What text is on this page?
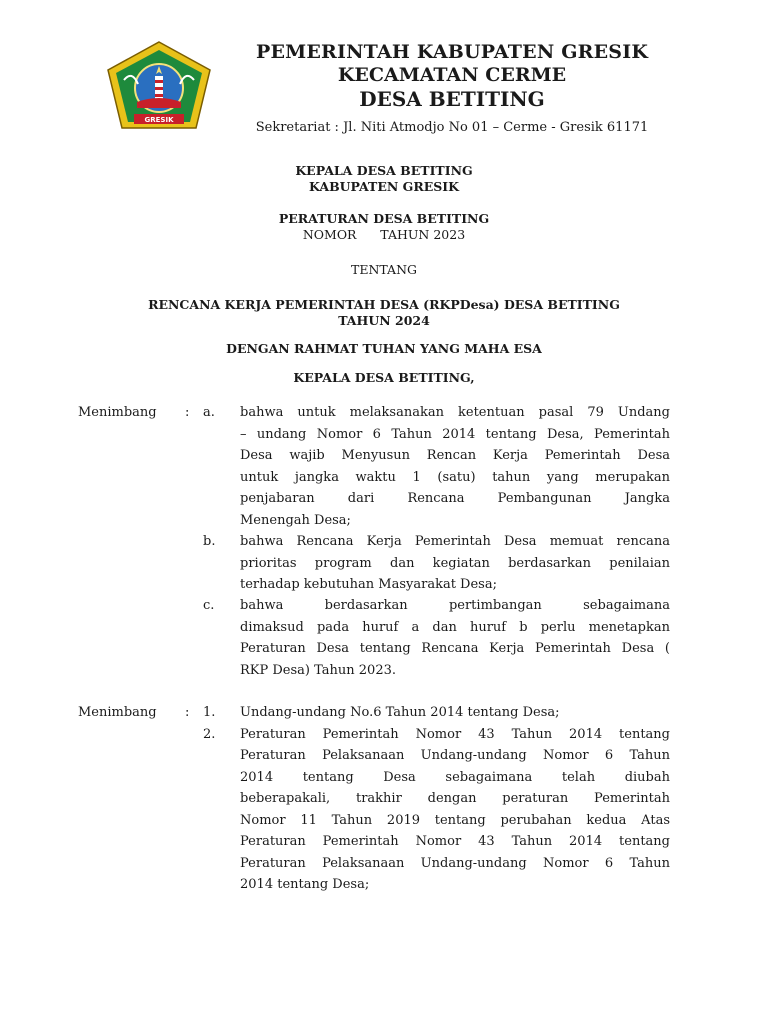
GRESIK
PEMERINTAH KABUPATEN GRESIK
KECAMATAN CERME
DESA BETITING
Sekretariat : Jl. Niti Atmodjo No 01 – Cerme - Gresik 61171
KEPALA DESA BETITING
KABUPATEN GRESIK
PERATURAN DESA BETITING
NOMOR      TAHUN 2023
TENTANG
RENCANA KERJA PEMERINTAH DESA (RKPDesa) DESA BETITING
TAHUN 2024
DENGAN RAHMAT TUHAN YANG MAHA ESA
KEPALA DESA BETITING,
Menimbang : a. bahwa untuk melaksanakan ketentuan pasal 79 Undang
– undang Nomor 6 Tahun 2014 tentang Desa, Pemerintah
Desa wajib Menyusun Rencan Kerja Pemerintah Desa
untuk jangka waktu 1 (satu) tahun yang merupakan
penjabaran dari Rencana Pembangunan Jangka
Menengah Desa;
b. bahwa Rencana Kerja Pemerintah Desa memuat rencana
prioritas program dan kegiatan berdasarkan penilaian
terhadap kebutuhan Masyarakat Desa;
c. bahwa berdasarkan pertimbangan sebagaimana
dimaksud pada huruf a dan huruf b perlu menetapkan
Peraturan Desa tentang Rencana Kerja Pemerintah Desa (
RKP Desa) Tahun 2023.
Menimbang : 1. Undang-undang No.6 Tahun 2014 tentang Desa;
2. Peraturan Pemerintah Nomor 43 Tahun 2014 tentang
Peraturan Pelaksanaan Undang-undang Nomor 6 Tahun
2014 tentang Desa sebagaimana telah diubah
beberapakali, trakhir dengan peraturan Pemerintah
Nomor 11 Tahun 2019 tentang perubahan kedua Atas
Peraturan Pemerintah Nomor 43 Tahun 2014 tentang
Peraturan Pelaksanaan Undang-undang Nomor 6 Tahun
2014 tentang Desa;
